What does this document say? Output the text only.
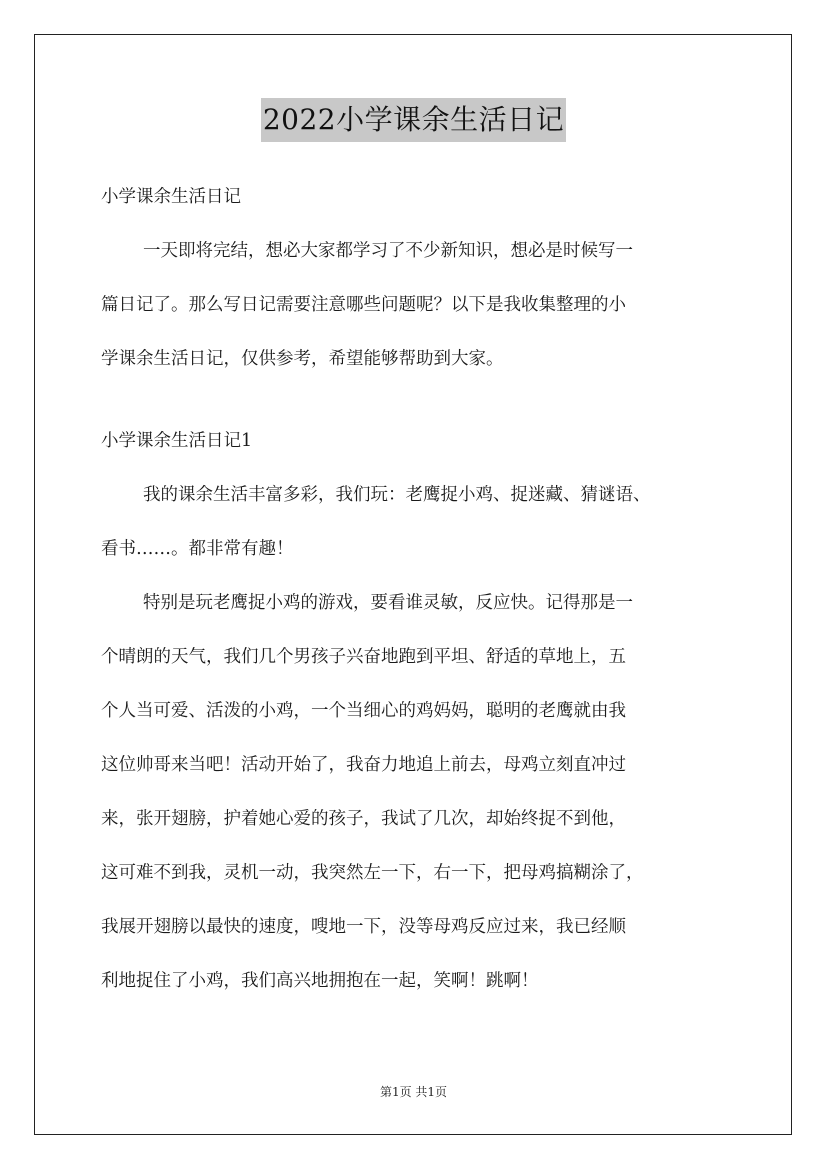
2022小学课余生活日记
小学课余生活日记
一天即将完结，想必大家都学习了不少新知识，想必是时候写一
篇日记了。那么写日记需要注意哪些问题呢？以下是我收集整理的小
学课余生活日记，仅供参考，希望能够帮助到大家。
小学课余生活日记1
我的课余生活丰富多彩，我们玩：老鹰捉小鸡、捉迷藏、猜谜语、
看书……。都非常有趣！
特别是玩老鹰捉小鸡的游戏，要看谁灵敏，反应快。记得那是一
个晴朗的天气，我们几个男孩子兴奋地跑到平坦、舒适的草地上，五
个人当可爱、活泼的小鸡，一个当细心的鸡妈妈，聪明的老鹰就由我
这位帅哥来当吧！活动开始了，我奋力地追上前去，母鸡立刻直冲过
来，张开翅膀，护着她心爱的孩子，我试了几次，却始终捉不到他，
这可难不到我，灵机一动，我突然左一下，右一下，把母鸡搞糊涂了，
我展开翅膀以最快的速度，嗖地一下，没等母鸡反应过来，我已经顺
利地捉住了小鸡，我们高兴地拥抱在一起，笑啊！跳啊！
第1页 共1页
